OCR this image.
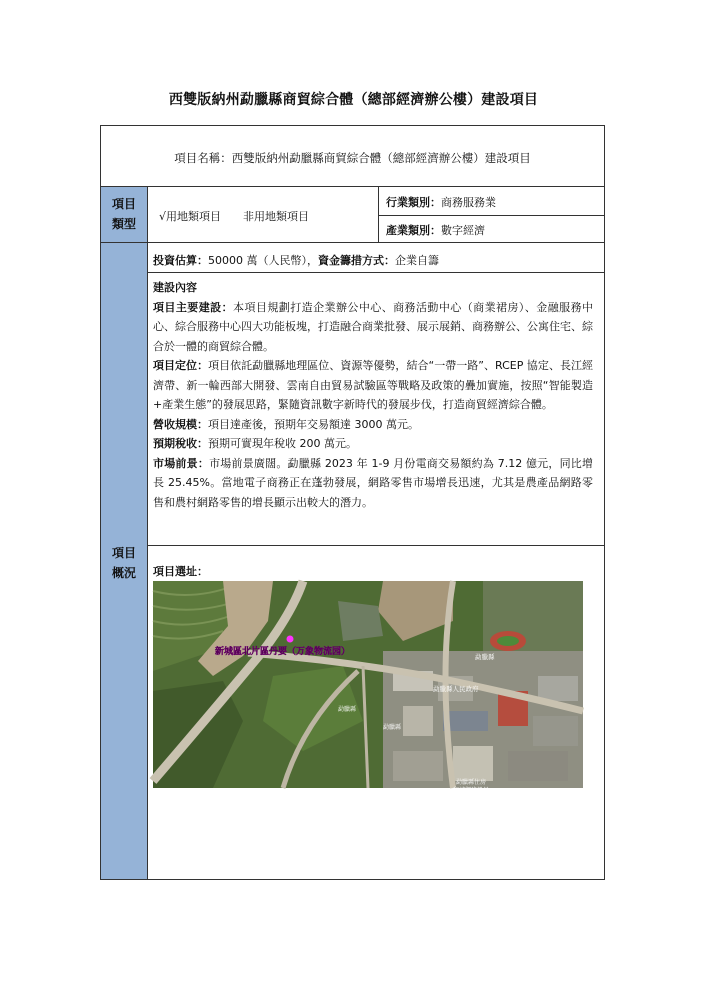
西雙版納州勐臘縣商貿綜合體（總部經濟辦公樓）建設項目
項目名稱：西雙版納州勐臘縣商貿綜合體（總部經濟辦公樓）建設項目
項目
類型
√用地類項目　　非用地類項目
行業類別：商務服務業
產業類別：數字經濟
項目
概況
投資估算：50000 萬（人民幣），資金籌措方式：企業自籌

建設內容

項目主要建設：本項目規劃打造企業辦公中心、商務活動中心（商業裙房）、金融服務中心、綜合服務中心四大功能板塊，打造融合商業批發、展示展銷、商務辦公、公寓住宅、綜合於一體的商貿綜合體。

項目定位：項目依託勐臘縣地理區位、資源等優勢，結合“一帶一路”、RCEP 協定、長江經濟帶、新一輪西部大開發、雲南自由貿易試驗區等戰略及政策的疊加實施，按照“智能製造+產業生態”的發展思路，緊隨資訊數字新時代的發展步伐，打造商貿經濟綜合體。

營收規模：項目達產後，預期年交易額達 3000 萬元。

預期稅收：預期可實現年稅收 200 萬元。

市場前景：市場前景廣闊。勐臘縣 2023 年 1-9 月份電商交易額約為 7.12 億元，同比增長 25.45%。當地電子商務正在蓬勃發展，網路零售市場增長迅速，尤其是農產品網路零售和農村網路零售的增長顯示出較大的潛力。

項目選址：
新城區北片區丹要（万象物流园）	勐臘縣
勐臘縣人民政府
勐臘縣住房
和城鄉建設局
勐臘縣
勐臘縣
